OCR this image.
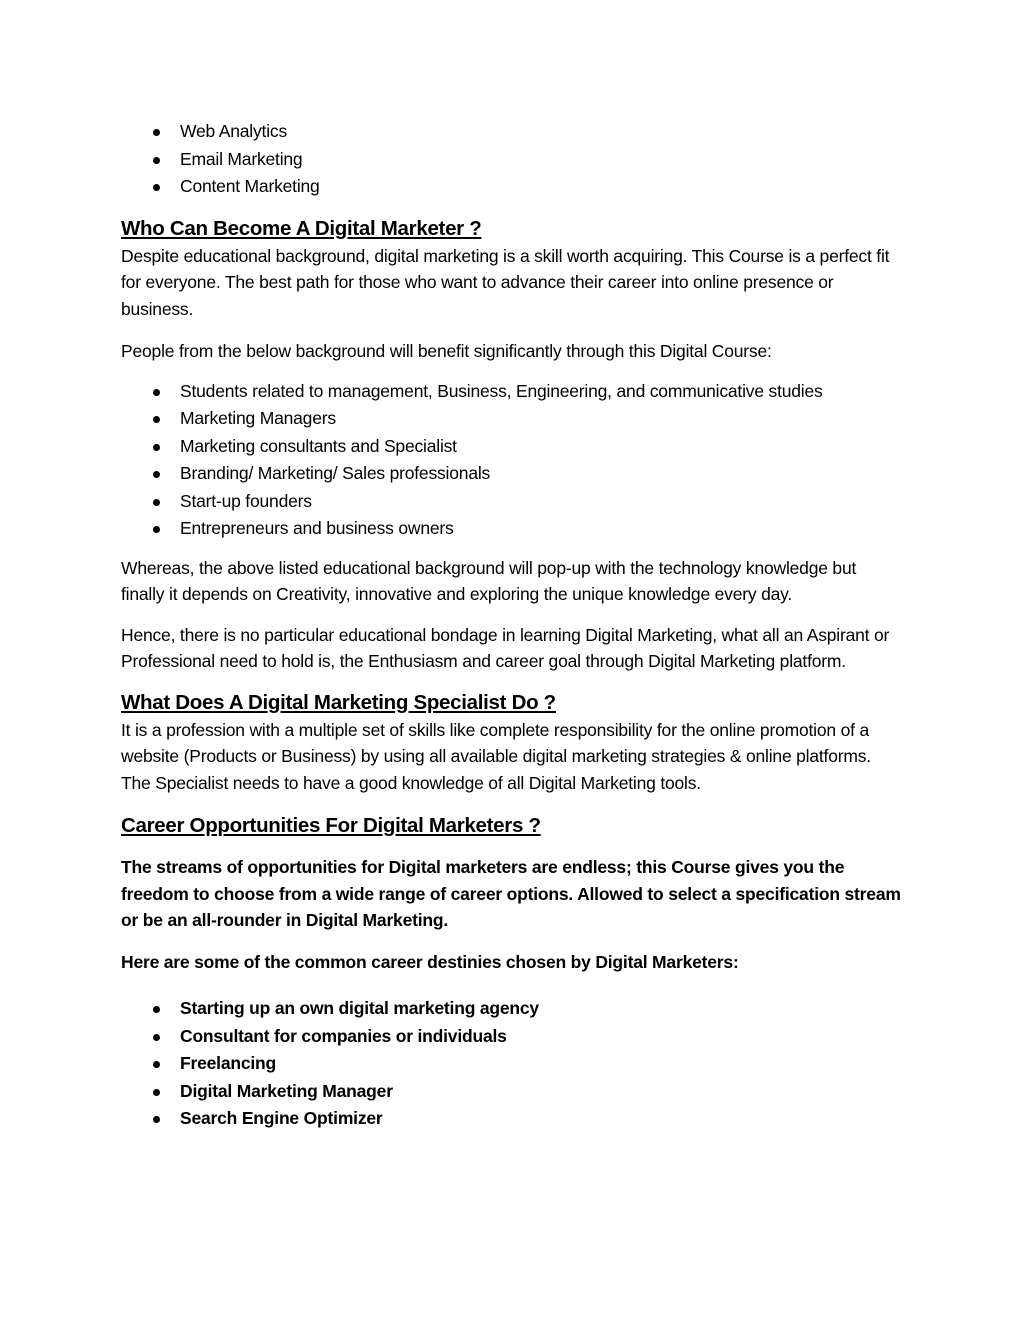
Web Analytics
Email Marketing
Content Marketing
Who Can Become A Digital Marketer ?

Despite educational background, digital marketing is a skill worth acquiring. This Course is a perfect fit for everyone. The best path for those who want to advance their career into online presence or business.

People from the below background will benefit significantly through this Digital Course:

Students related to management, Business, Engineering, and communicative studies
Marketing Managers
Marketing consultants and Specialist
Branding/ Marketing/ Sales professionals
Start-up founders
Entrepreneurs and business owners

Whereas, the above listed educational background will pop-up with the technology knowledge but finally it depends on Creativity, innovative and exploring the unique knowledge every day.

Hence, there is no particular educational bondage in learning Digital Marketing, what all an Aspirant or Professional need to hold is, the Enthusiasm and career goal through Digital Marketing platform.

What Does A Digital Marketing Specialist Do ?

It is a profession with a multiple set of skills like complete responsibility for the online promotion of a website (Products or Business) by using all available digital marketing strategies & online platforms. The Specialist needs to have a good knowledge of all Digital Marketing tools.

Career Opportunities For Digital Marketers ?

The streams of opportunities for Digital marketers are endless; this Course gives you the freedom to choose from a wide range of career options. Allowed to select a specification stream or be an all-rounder in Digital Marketing.

Here are some of the common career destinies chosen by Digital Marketers:

Starting up an own digital marketing agency
Consultant for companies or individuals
Freelancing
Digital Marketing Manager
Search Engine Optimizer
